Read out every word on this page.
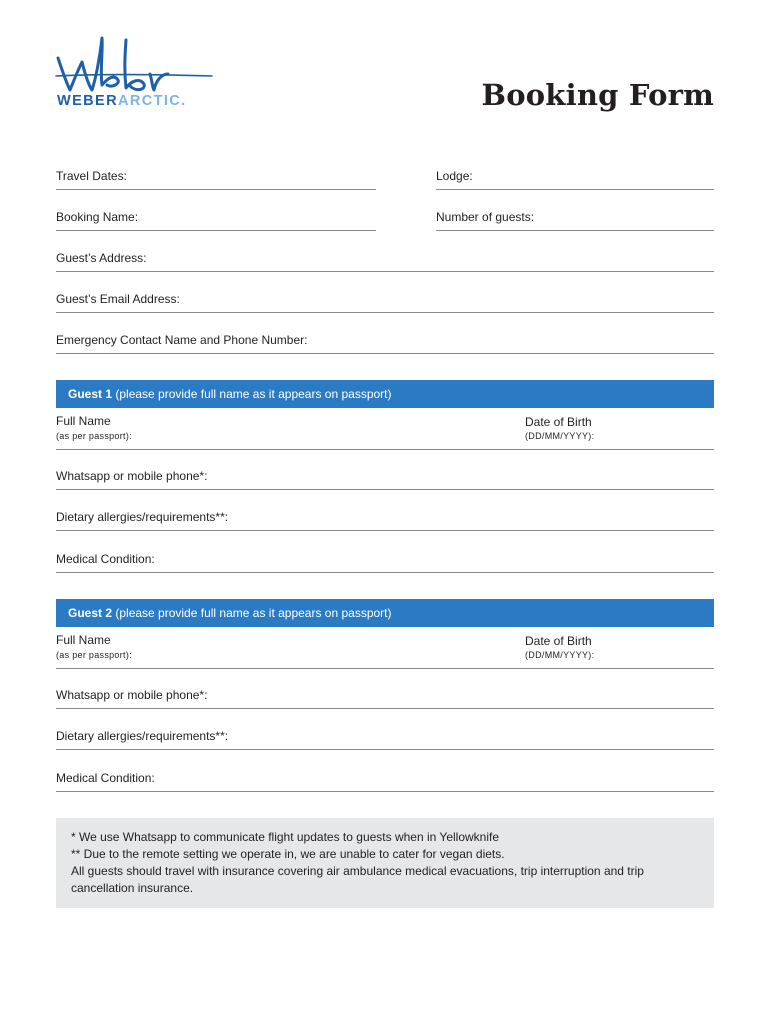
WEBERARCTIC.	Booking Form
Travel Dates:	Lodge:
Booking Name:	Number of guests:
Guest’s Address:
Guest’s Email Address:
Emergency Contact Name and Phone Number:
Guest 1 (please provide full name as it appears on passport)
Full Name
(as per passport):
Date of Birth
(DD/MM/YYYY):
Whatsapp or mobile phone*:
Dietary allergies/requirements**:
Medical Condition:
Guest 2 (please provide full name as it appears on passport)
Full Name
(as per passport):
Date of Birth
(DD/MM/YYYY):
Whatsapp or mobile phone*:
Dietary allergies/requirements**:
Medical Condition:
* We use Whatsapp to communicate flight updates to guests when in Yellowknife
** Due to the remote setting we operate in, we are unable to cater for vegan diets.
All guests should travel with insurance covering air ambulance medical evacuations, trip interruption and trip cancellation insurance.
